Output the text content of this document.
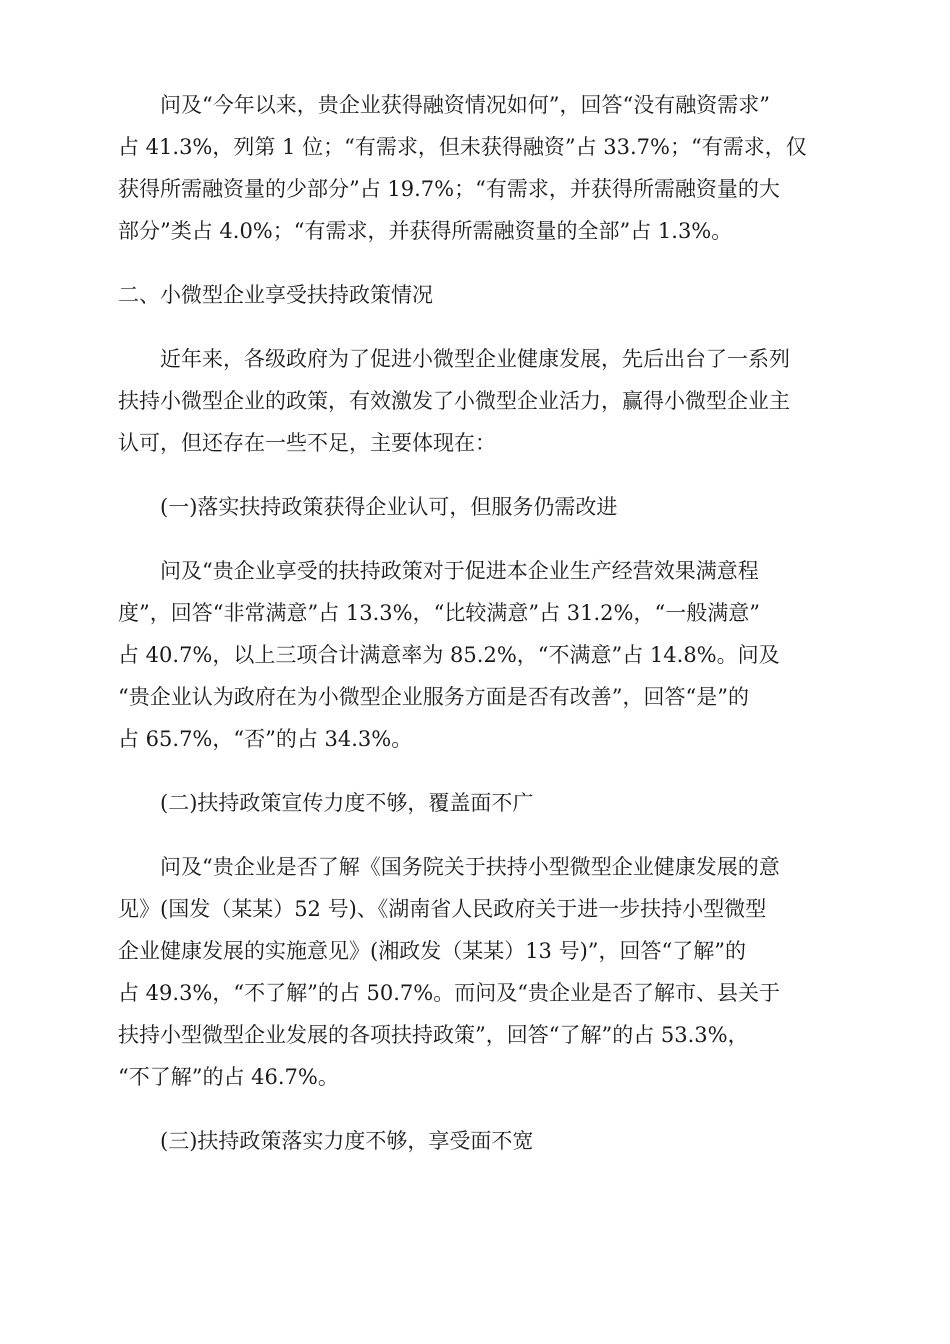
问及“今年以来，贵企业获得融资情况如何”，回答“没有融资需求”
占 41.3%，列第 1 位；“有需求，但未获得融资”占 33.7%；“有需求，仅
获得所需融资量的少部分”占 19.7%；“有需求，并获得所需融资量的大
部分”类占 4.0%；“有需求，并获得所需融资量的全部”占 1.3%。

二、小微型企业享受扶持政策情况

近年来，各级政府为了促进小微型企业健康发展，先后出台了一系列
扶持小微型企业的政策，有效激发了小微型企业活力，赢得小微型企业主
认可，但还存在一些不足，主要体现在：

(一)落实扶持政策获得企业认可，但服务仍需改进

问及“贵企业享受的扶持政策对于促进本企业生产经营效果满意程
度”，回答“非常满意”占 13.3%，“比较满意”占 31.2%，“一般满意”
占 40.7%，以上三项合计满意率为 85.2%，“不满意”占 14.8%。问及
“贵企业认为政府在为小微型企业服务方面是否有改善”，回答“是”的
占 65.7%，“否”的占 34.3%。

(二)扶持政策宣传力度不够，覆盖面不广

问及“贵企业是否了解《国务院关于扶持小型微型企业健康发展的意
见》(国发（某某）52 号)、《湖南省人民政府关于进一步扶持小型微型
企业健康发展的实施意见》(湘政发（某某）13 号)”，回答“了解”的
占 49.3%，“不了解”的占 50.7%。而问及“贵企业是否了解市、县关于
扶持小型微型企业发展的各项扶持政策”，回答“了解”的占 53.3%，
“不了解”的占 46.7%。

(三)扶持政策落实力度不够，享受面不宽
